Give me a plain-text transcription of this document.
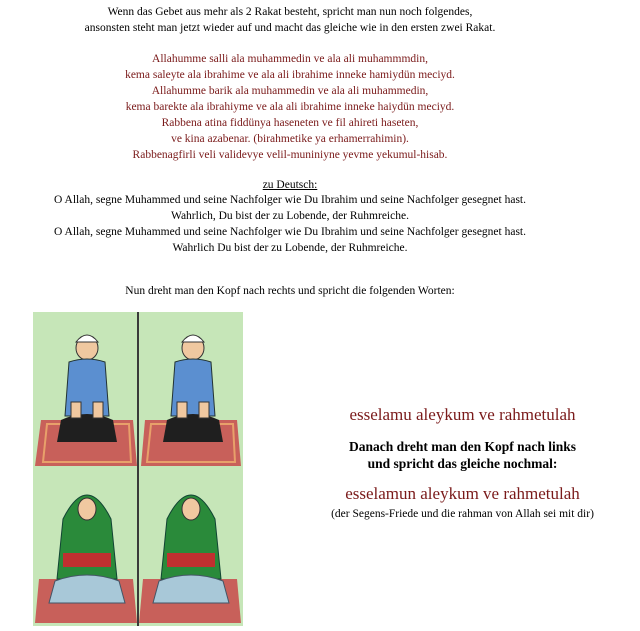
Wenn das Gebet aus mehr als 2 Rakat besteht, spricht man nun noch folgendes,
ansonsten steht man jetzt wieder auf und macht das gleiche wie in den ersten zwei Rakat.
Allahumme salli ala muhammedin ve ala ali muhammmdin,
kema saleyte ala ibrahime ve ala ali ibrahime inneke hamiydün meciyd.
Allahumme barik ala muhammedin ve ala ali muhammedin,
kema barekte ala ibrahiyme ve ala ali ibrahime inneke haiydün meciyd.
Rabbena atina fiddünya haseneten ve fil ahireti haseten,
ve kina azabenar. (birahmetike ya erhamerrahimin).
Rabbenagfirli veli validevye velil-muniniyne yevme yekumul-hisab.
zu Deutsch:
O Allah, segne Muhammed und seine Nachfolger wie Du Ibrahim und seine Nachfolger gesegnet hast.
Wahrlich, Du bist der zu Lobende, der Ruhmreiche.
O Allah, segne Muhammed und seine Nachfolger wie Du Ibrahim und seine Nachfolger gesegnet hast.
Wahrlich Du bist der zu Lobende, der Ruhmreiche.
Nun dreht man den Kopf nach rechts und spricht die folgenden Worten:
esselamu aleykum ve rahmetulah
Danach dreht man den Kopf nach links
und spricht das gleiche nochmal:
esselamun aleykum ve rahmetulah
(der Segens-Friede und die rahman von Allah sei mit dir)
